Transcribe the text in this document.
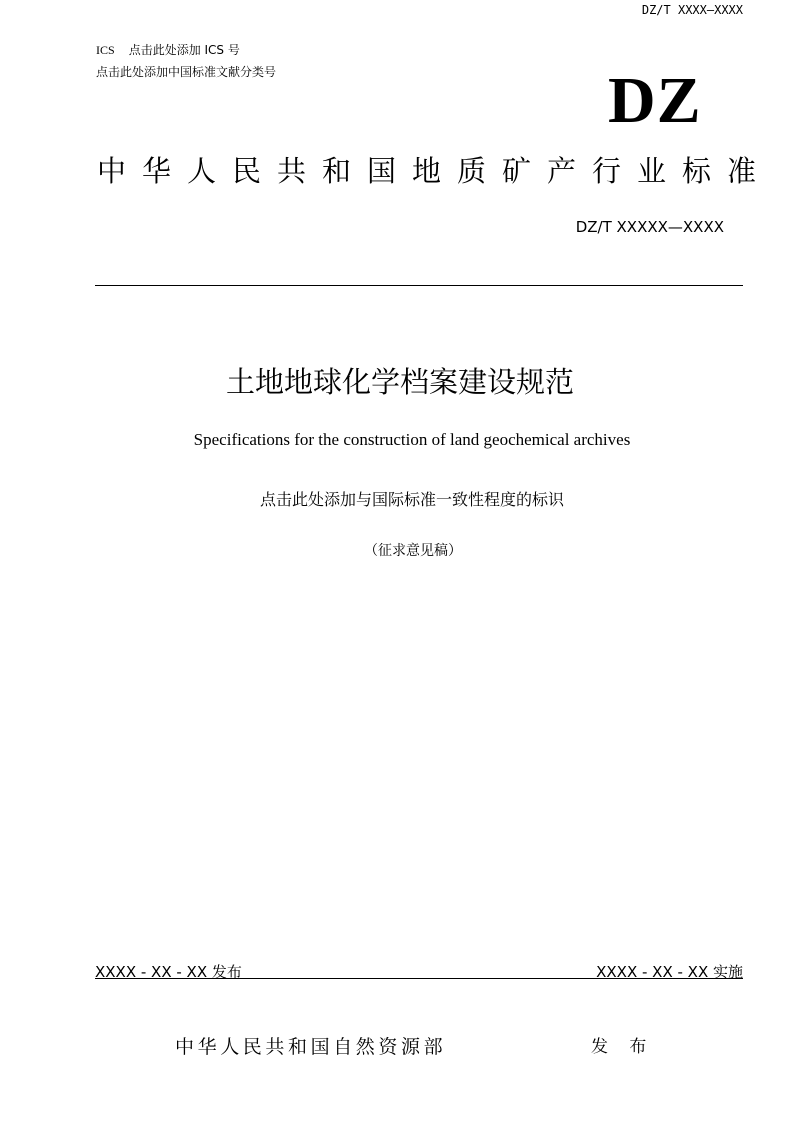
DZ/T XXXX—XXXX
ICS 点击此处添加 ICS 号
点击此处添加中国标准文献分类号	DZ
中华人民共和国地质矿产行业标准
DZ/T XXXXX—XXXX
土地地球化学档案建设规范
Specifications for the construction of land geochemical archives
点击此处添加与国际标准一致性程度的标识
（征求意见稿）
XXXX - XX - XX 发布	XXXX - XX - XX 实施
中华人民共和国自然资源部	发 布
